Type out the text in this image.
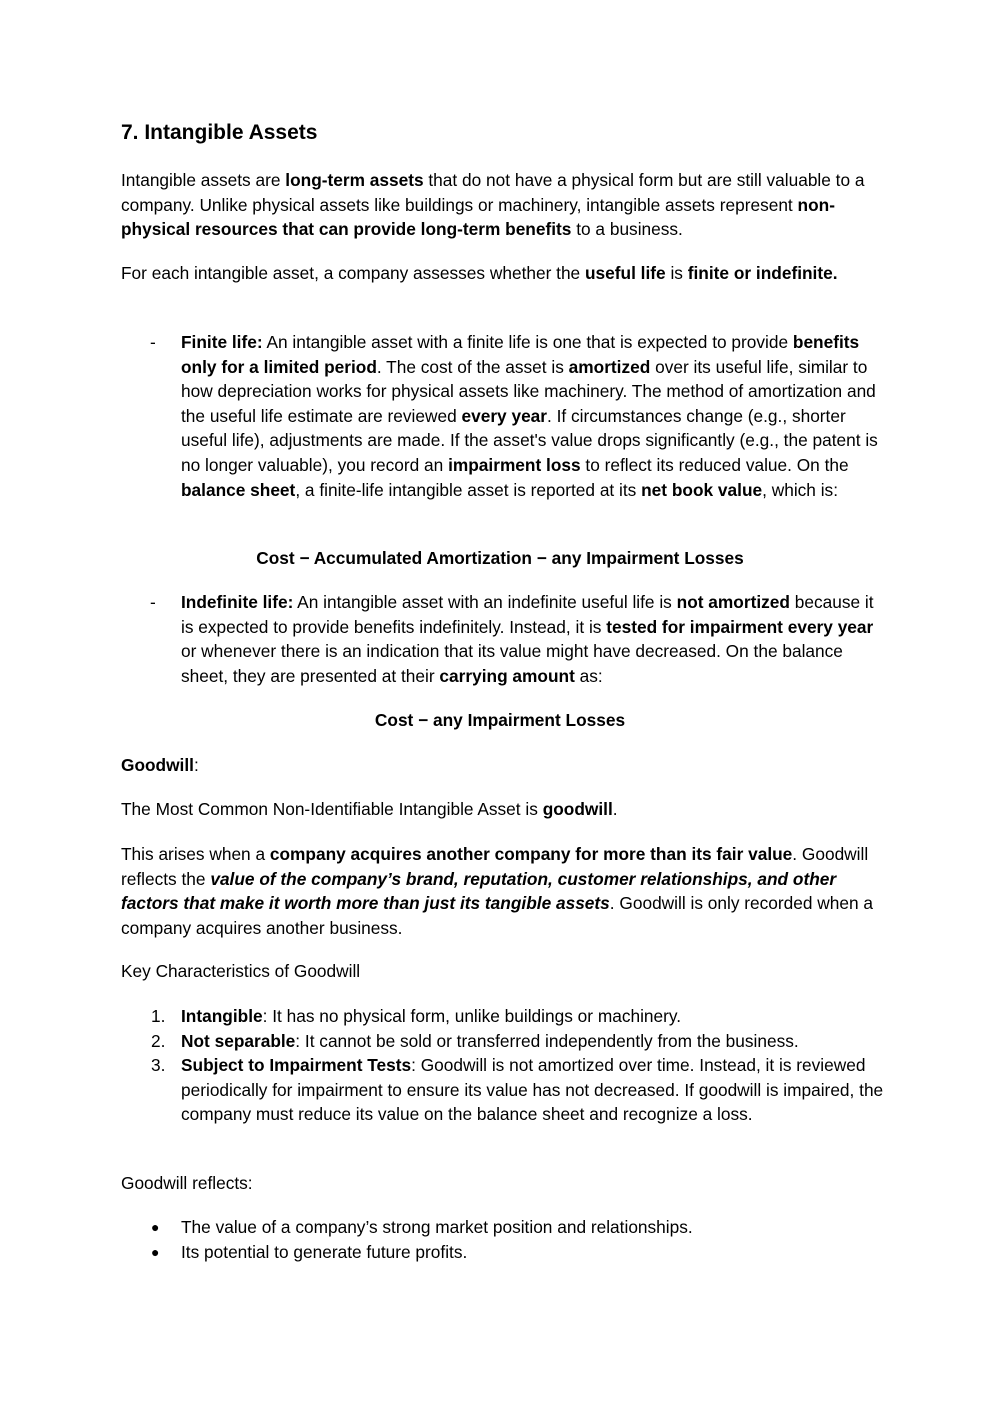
7. Intangible Assets

Intangible assets are long-term assets that do not have a physical form but are still valuable to a company. Unlike physical assets like buildings or machinery, intangible assets represent non-physical resources that can provide long-term benefits to a business.

For each intangible asset, a company assesses whether the useful life is finite or indefinite.

- Finite life: An intangible asset with a finite life is one that is expected to provide benefits only for a limited period. The cost of the asset is amortized over its useful life, similar to how depreciation works for physical assets like machinery. The method of amortization and the useful life estimate are reviewed every year. If circumstances change (e.g., shorter useful life), adjustments are made. If the asset's value drops significantly (e.g., the patent is no longer valuable), you record an impairment loss to reflect its reduced value. On the balance sheet, a finite-life intangible asset is reported at its net book value, which is:

Cost − Accumulated Amortization − any Impairment Losses

- Indefinite life: An intangible asset with an indefinite useful life is not amortized because it is expected to provide benefits indefinitely. Instead, it is tested for impairment every year or whenever there is an indication that its value might have decreased. On the balance sheet, they are presented at their carrying amount as:

Cost − any Impairment Losses

Goodwill:

The Most Common Non-Identifiable Intangible Asset is goodwill.

This arises when a company acquires another company for more than its fair value. Goodwill reflects the value of the company’s brand, reputation, customer relationships, and other factors that make it worth more than just its tangible assets. Goodwill is only recorded when a company acquires another business.

Key Characteristics of Goodwill

1. Intangible: It has no physical form, unlike buildings or machinery.

2. Not separable: It cannot be sold or transferred independently from the business.

3. Subject to Impairment Tests: Goodwill is not amortized over time. Instead, it is reviewed periodically for impairment to ensure its value has not decreased. If goodwill is impaired, the company must reduce its value on the balance sheet and recognize a loss.

Goodwill reflects:

● The value of a company’s strong market position and relationships.

● Its potential to generate future profits.
